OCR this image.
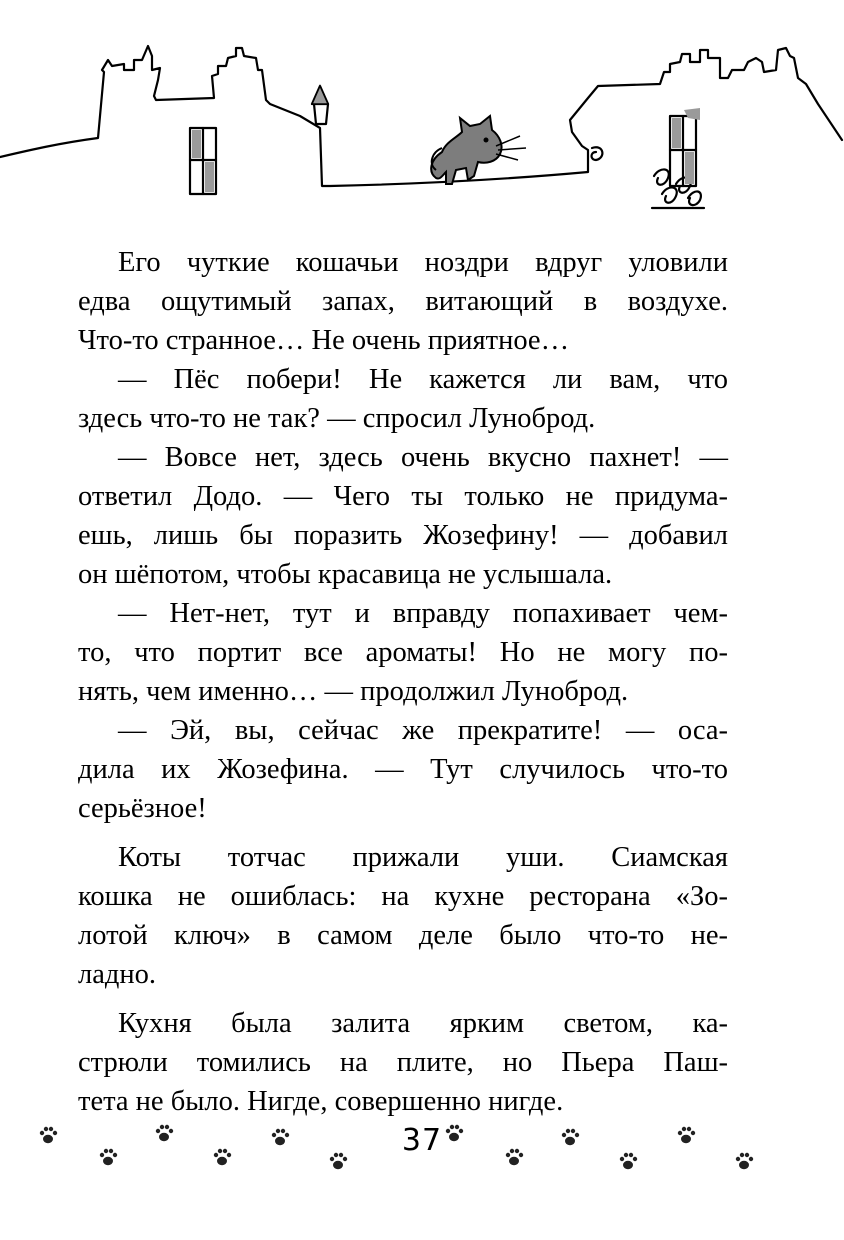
Его чуткие кошачьи ноздри вдруг уловили
едва ощутимый запах, витающий в воздухе.
Что-то странное… Не очень приятное…

— Пёс побери! Не кажется ли вам, что
здесь что-то не так? — спросил Лунoброд.

— Вовсе нет, здесь очень вкусно пахнет! —
ответил Додо. — Чего ты только не придума-
ешь, лишь бы поразить Жозефину! — добавил
он шёпотом, чтобы красавица не услышала.

— Нет-нет, тут и вправду попахивает чем-
то, что портит все ароматы! Но не могу по-
нять, чем именно… — продолжил Лунoброд.

— Эй, вы, сейчас же прекратите! — оса-
дила их Жозефина. — Тут случилось что-то
серьёзное!

Коты тотчас прижали уши. Сиамская
кошка не ошиблась: на кухне ресторана «Зо-
лотой ключ» в самом деле было что-то не-
ладно.

Кухня была залита ярким светом, ка-
стрюли томились на плите, но Пьера Паш-
тета не было. Нигде, совершенно нигде.

37
